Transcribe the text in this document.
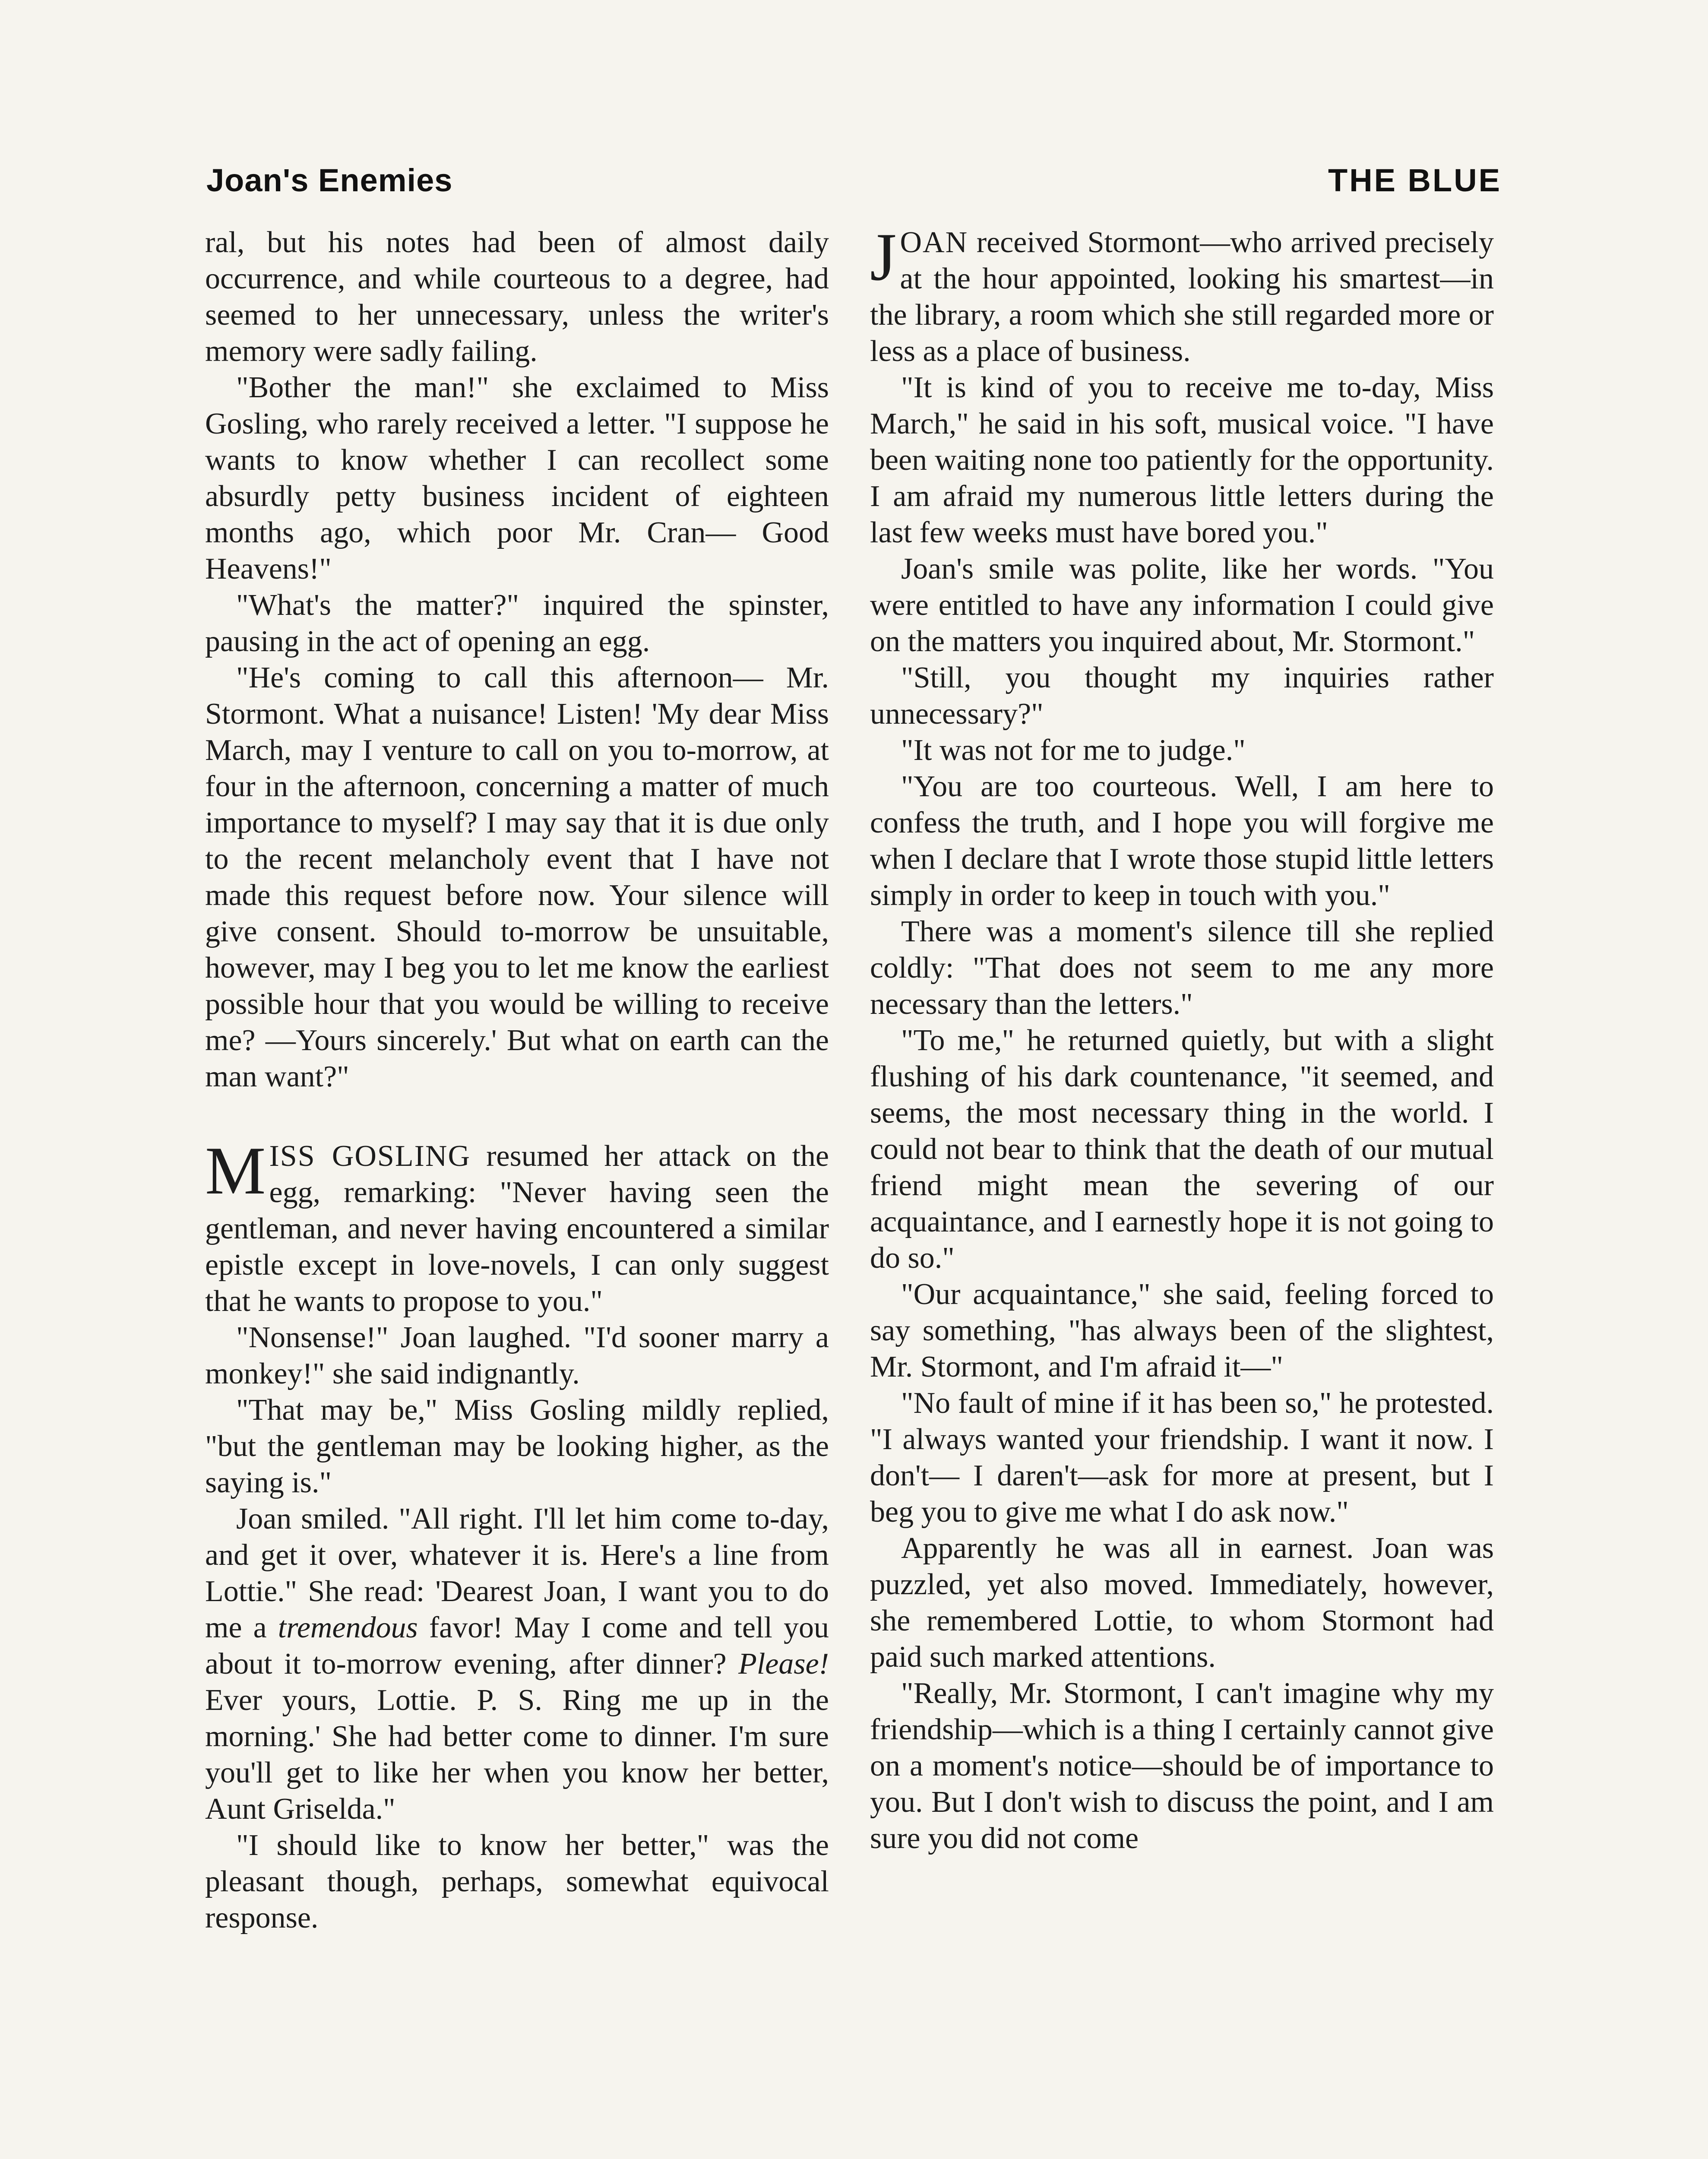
Joan's Enemies	THE BLUE

ral, but his notes had been of almost daily occurrence, and while courteous to a degree, had seemed to her unnecessary, unless the writer's memory were sadly failing.

"Bother the man!" she exclaimed to Miss Gosling, who rarely received a letter. "I suppose he wants to know whether I can recollect some absurdly petty business incident of eighteen months ago, which poor Mr. Cran— Good Heavens!"

"What's the matter?" inquired the spinster, pausing in the act of opening an egg.

"He's coming to call this afternoon— Mr. Stormont. What a nuisance! Listen! 'My dear Miss March, may I venture to call on you to-morrow, at four in the afternoon, concerning a matter of much importance to myself? I may say that it is due only to the recent melancholy event that I have not made this request before now. Your silence will give consent. Should to-morrow be unsuitable, however, may I beg you to let me know the earliest possible hour that you would be willing to receive me? —Yours sincerely.' But what on earth can the man want?"

MISS GOSLING resumed her attack on the egg, remarking: "Never having seen the gentleman, and never having encountered a similar epistle except in love-novels, I can only suggest that he wants to propose to you."

"Nonsense!" Joan laughed. "I'd sooner marry a monkey!" she said indignantly.

"That may be," Miss Gosling mildly replied, "but the gentleman may be looking higher, as the saying is."

Joan smiled. "All right. I'll let him come to-day, and get it over, whatever it is. Here's a line from Lottie." She read: 'Dearest Joan, I want you to do me a tremendous favor! May I come and tell you about it to-morrow evening, after dinner? Please! Ever yours, Lottie. P. S. Ring me up in the morning.' She had better come to dinner. I'm sure you'll get to like her when you know her better, Aunt Griselda."

"I should like to know her better," was the pleasant though, perhaps, somewhat equivocal response.

JOAN received Stormont—who arrived precisely at the hour appointed, looking his smartest—in the library, a room which she still regarded more or less as a place of business.

"It is kind of you to receive me to-day, Miss March," he said in his soft, musical voice. "I have been waiting none too patiently for the opportunity. I am afraid my numerous little letters during the last few weeks must have bored you."

Joan's smile was polite, like her words. "You were entitled to have any information I could give on the matters you inquired about, Mr. Stormont."

"Still, you thought my inquiries rather unnecessary?"

"It was not for me to judge."

"You are too courteous. Well, I am here to confess the truth, and I hope you will forgive me when I declare that I wrote those stupid little letters simply in order to keep in touch with you."

There was a moment's silence till she replied coldly: "That does not seem to me any more necessary than the letters."

"To me," he returned quietly, but with a slight flushing of his dark countenance, "it seemed, and seems, the most necessary thing in the world. I could not bear to think that the death of our mutual friend might mean the severing of our acquaintance, and I earnestly hope it is not going to do so."

"Our acquaintance," she said, feeling forced to say something, "has always been of the slightest, Mr. Stormont, and I'm afraid it—"

"No fault of mine if it has been so," he protested. "I always wanted your friendship. I want it now. I don't— I daren't—ask for more at present, but I beg you to give me what I do ask now."

Apparently he was all in earnest. Joan was puzzled, yet also moved. Immediately, however, she remembered Lottie, to whom Stormont had paid such marked attentions.

"Really, Mr. Stormont, I can't imagine why my friendship—which is a thing I certainly cannot give on a moment's notice—should be of importance to you. But I don't wish to discuss the point, and I am sure you did not come
